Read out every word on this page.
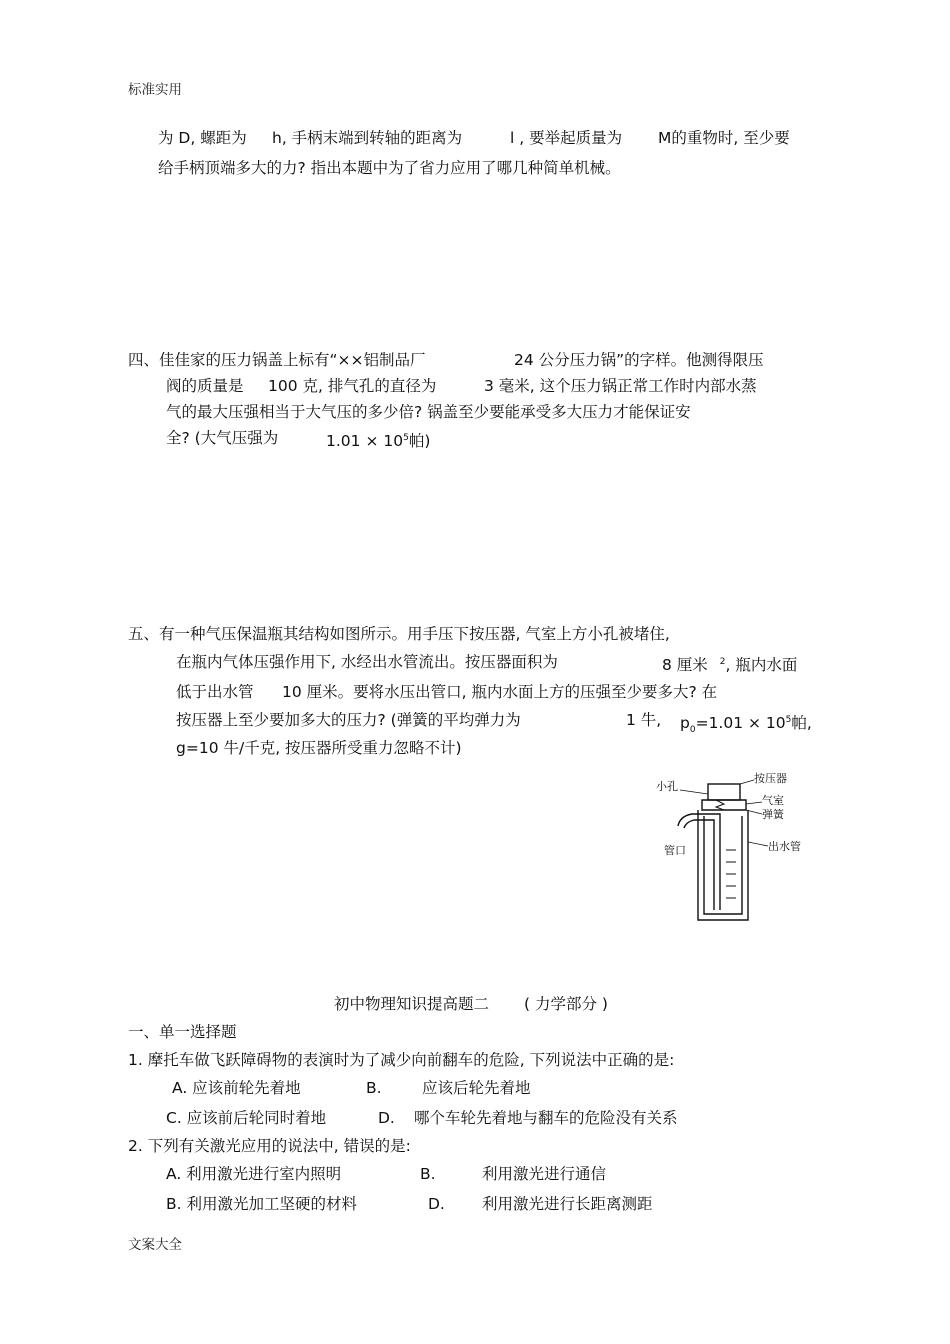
标准实用
文案大全
为 D, 螺距为 h, 手柄末端到转轴的距离为	l , 要举起质量为 M的重物时, 至少要
给手柄顶端多大的力? 指出本题中为了省力应用了哪几种简单机械。
四、佳佳家的压力锅盖上标有“××铝制品厂	24 公分压力锅”的字样。他测得限压
阀的质量是 100 克, 排气孔的直径为	3 毫米, 这个压力锅正常工作时内部水蒸
气的最大压强相当于大气压的多少倍? 锅盖至少要能承受多大压力才能保证安
全? (大气压强为	$1.01 \times 10^5$帕)
五、有一种气压保温瓶其结构如图所示。用手压下按压器, 气室上方小孔被堵住,
在瓶内气体压强作用下, 水经出水管流出。按压器面积为	8 厘米 $^2$, 瓶内水面
低于出水管 10 厘米。要将水压出管口, 瓶内水面上方的压强至少要多大? 在
按压器上至少要加多大的压力? (弹簧的平均弹力为	1 牛, $p_0=1.01 \times 10^5$帕,
g=10 牛/千克, 按压器所受重力忽略不计)
小孔
按压器
气室
弹簧
管口	出水管
初中物理知识提高题二 ( 力学部分 )
一、单一选择题
1. 摩托车做飞跃障碍物的表演时为了减少向前翻车的危险, 下列说法中正确的是:
A. 应该前轮先着地	B.	应该后轮先着地
C. 应该前后轮同时着地	D. 哪个车轮先着地与翻车的危险没有关系
2. 下列有关激光应用的说法中, 错误的是:
A. 利用激光进行室内照明	B.	利用激光进行通信
B. 利用激光加工坚硬的材料	D. 利用激光进行长距离测距
